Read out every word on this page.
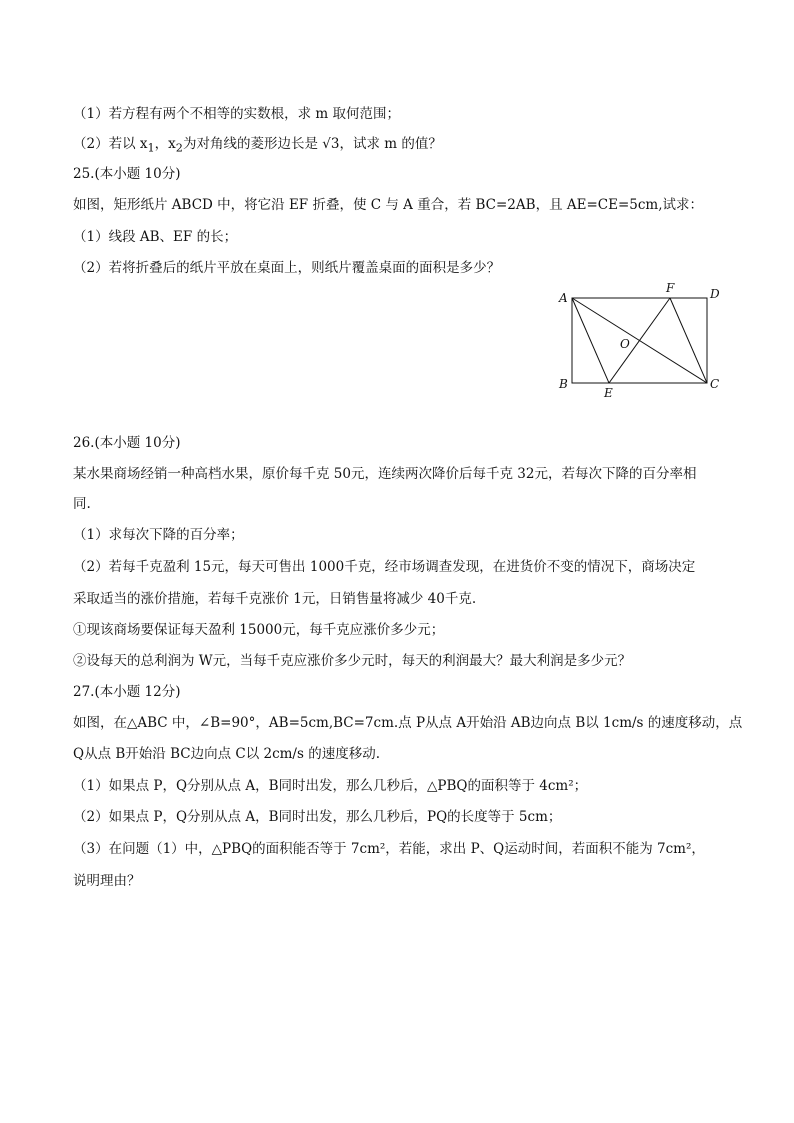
（1）若方程有两个不相等的实数根，求 m 取何范围；
（2）若以 $x_1$，$x_2$为对角线的菱形边长是 √3，试求 m 的值？
25.(本小题 10分)
如图，矩形纸片 ABCD 中，将它沿 EF 折叠，使 C 与 A 重合，若 BC=2AB，且 AE=CE=5cm,试求：
（1）线段 AB、EF 的长；
（2）若将折叠后的纸片平放在桌面上，则纸片覆盖桌面的面积是多少？
A
F	D
O
B
E
C
26.(本小题 10分)
某水果商场经销一种高档水果，原价每千克 50元，连续两次降价后每千克 32元，若每次下降的百分率相
同.
（1）求每次下降的百分率；
（2）若每千克盈利 15元，每天可售出 1000千克，经市场调查发现，在进货价不变的情况下，商场决定
采取适当的涨价措施，若每千克涨价 1元，日销售量将减少 40千克.
①现该商场要保证每天盈利 15000元，每千克应涨价多少元；
②设每天的总利润为 W元，当每千克应涨价多少元时，每天的利润最大？最大利润是多少元？
27.(本小题 12分)
如图，在△ABC 中，∠B=90°，AB=5cm,BC=7cm.点 P从点 A开始沿 AB边向点 B以 1cm/s 的速度移动，点
Q从点 B开始沿 BC边向点 C以 2cm/s 的速度移动.
（1）如果点 P，Q分别从点 A，B同时出发，那么几秒后，△PBQ的面积等于 4cm²；
（2）如果点 P，Q分别从点 A，B同时出发，那么几秒后，PQ的长度等于 5cm；
（3）在问题（1）中，△PBQ的面积能否等于 7cm²，若能，求出 P、Q运动时间，若面积不能为 7cm²，
说明理由？
